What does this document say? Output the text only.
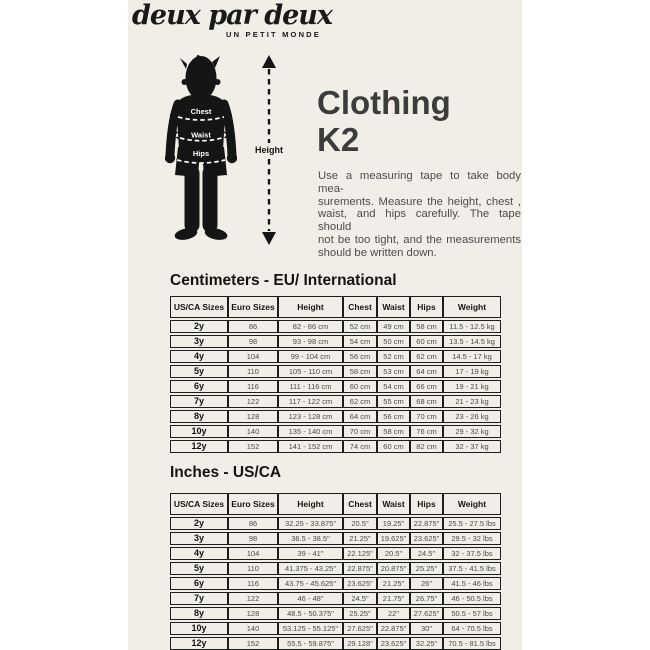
deux par deux
UN PETIT MONDE
Chest
Waist
Hips	Height
Clothing
K2
Use a measuring tape to take body mea-
surements. Measure the height, chest ,
waist, and hips carefully. The tape should
not be too tight, and the measurements
should be written down.
Centimeters - EU/ International
US/CA Sizes	Euro Sizes	Height	Chest	Waist	Hips	Weight
2y	86	82 - 86 cm	52 cm	49 cm	58 cm	11.5 - 12.5 kg
3y	98	93 - 98 cm	54 cm	50 cm	60 cm	13.5 - 14.5 kg
4y	104	99 - 104 cm	56 cm	52 cm	62 cm	14.5 - 17 kg
5y	110	105 - 110 cm	58 cm	53 cm	64 cm	17 - 19 kg
6y	116	111 - 116 cm	60 cm	54 cm	66 cm	19 - 21 kg
7y	122	117 - 122 cm	62 cm	55 cm	68 cm	21 - 23 kg
8y	128	123 - 128 cm	64 cm	56 cm	70 cm	23 - 26 kg
10y	140	135 - 140 cm	70 cm	58 cm	76 cm	29 - 32 kg
12y	152	141 - 152 cm	74 cm	60 cm	82 cm	32 - 37 kg
Inches - US/CA
US/CA Sizes	Euro Sizes	Height	Chest	Waist	Hips	Weight
2y	86	32.25 - 33.875"	20.5"	19.25"	22.875"	25.5 - 27.5 lbs
3y	98	36.5 - 38.5"	21.25"	19.625"	23.625"	29.5 - 32 lbs
4y	104	39 - 41"	22.125"	20.5"	24.5"	32 - 37.5 lbs
5y	110	41.375 - 43.25"	22.875"	20.875"	25.25"	37.5 - 41.5 lbs
6y	116	43.75 - 45.625"	23.625"	21.25"	26"	41.5 - 46 lbs
7y	122	46 - 48"	24.5"	21.75"	26.75"	46 - 50.5 lbs
8y	128	48.5 - 50.375"	25.25"	22"	27.625"	50.5 - 57 lbs
10y	140	53.125 - 55.125"	27.625"	22.875"	30"	64 - 70.5 lbs
12y	152	55.5 - 59.875"	29.128"	23.625"	32.25"	70.5 - 81.5 lbs
